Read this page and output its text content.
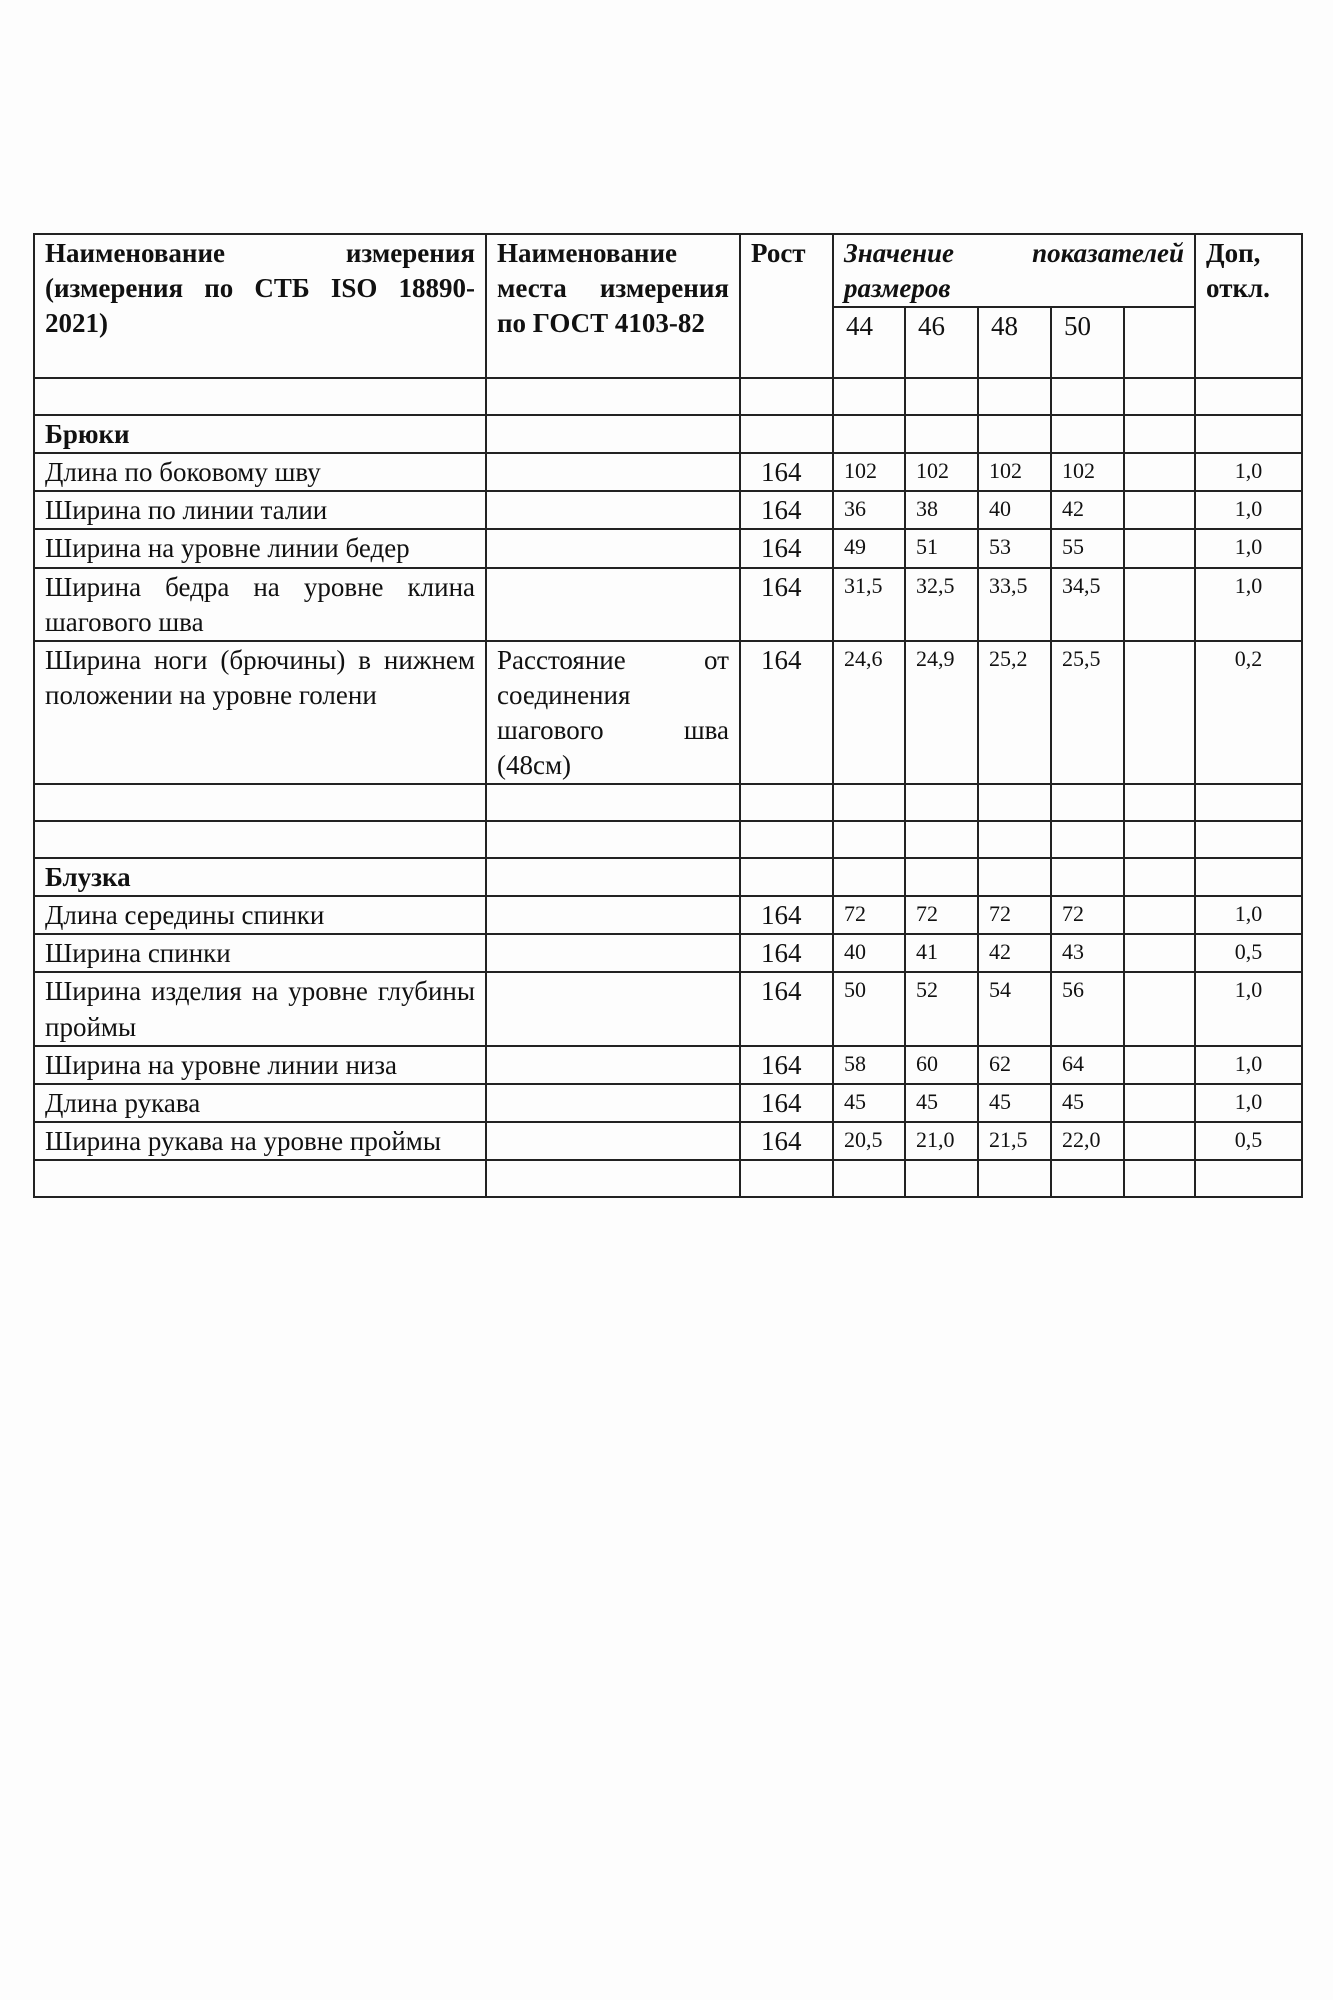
Наименование измерения (измерения по СТБ ISO 18890-2021)	Наименование места измерения по ГОСТ 4103-82	Рост	Значение показателей размеров					Доп, откл.
			44	46	48	50		

Брюки								
Длина по боковому шву		164	102	102	102	102		1,0
Ширина по линии талии		164	36	38	40	42		1,0
Ширина на уровне линии бедер		164	49	51	53	55		1,0
Ширина бедра на уровне клина шагового шва		164	31,5	32,5	33,5	34,5		1,0
Ширина ноги (брючины) в нижнем положении на уровне голени	Расстояние от соединения шагового шва (48см)	164	24,6	24,9	25,2	25,5		0,2

Блузка								
Длина середины спинки		164	72	72	72	72		1,0
Ширина спинки		164	40	41	42	43		0,5
Ширина изделия на уровне глубины проймы		164	50	52	54	56		1,0
Ширина на уровне линии низа		164	58	60	62	64		1,0
Длина рукава		164	45	45	45	45		1,0
Ширина рукава на уровне проймы		164	20,5	21,0	21,5	22,0		0,5
